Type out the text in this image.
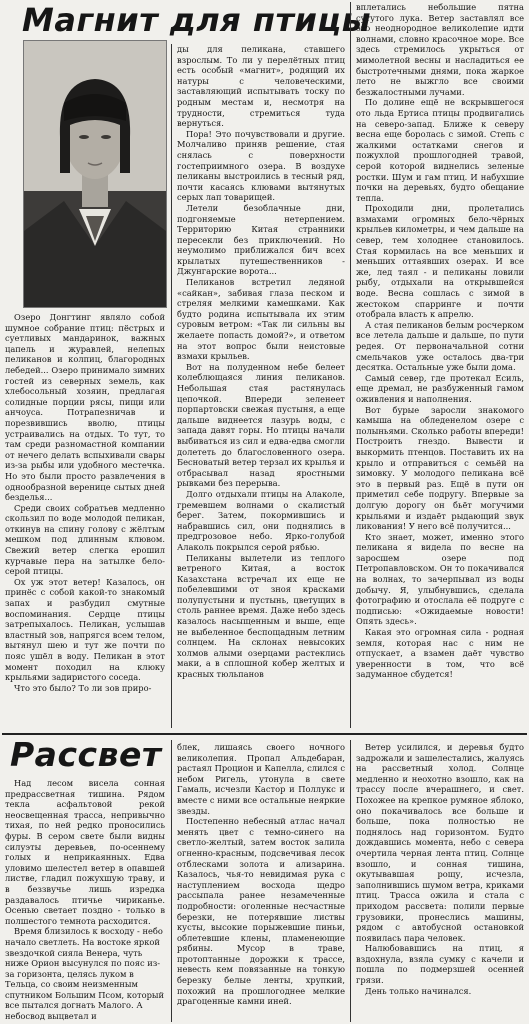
Магнит для птицы

Озеро Донгтинг являло собой шумное собрание птиц: пёстрых и суетливых мандаринок, важных цапель и журавлей, нелепых пеликанов и колпиц, благородных лебедей... Озеро принимало зимних гостей из северных земель, как хлебосольный хозяин, предлагая солидные порции рясы, пищи или анчоуса. Потрапезничав и порезвившись вволю, птицы устраивались на отдых. То тут, то там среди разномастной компании от нечего делать вспыхивали свары из-за рыбы или удобного местечка. Но это были просто развлечения в однообразной веренице сытых дней безделья...

Среди своих собратьев медленно скользил по воде молодой пеликан, откинув на спину голову с жёлтым мешком под длинным клювом. Свежий ветер слегка ерошил курчавые пера на затылке бело-серой птицы.

Ох уж этот ветер! Казалось, он принёс с собой какой-то знакомый запах и разбудил смутные воспоминания. Сердце птицы затрепыхалось. Пеликан, услышав властный зов, напрягся всем телом, вытянул шею и тут же почти по пояс ушёл в воду. Пеликан в этот момент походил на клюку крыльями задиристого соседа.

Что это было? То ли зов приро-

ды для пеликана, ставшего взрослым. То ли у перелётных птиц есть особый «магнит», родящий их натуры с человеческими, заставляющий испытывать тоску по родным местам и, несмотря на трудности, стремиться туда вернуться.

Пора! Это почувствовали и другие. Молчаливо приняв решение, стая снялась с поверхности гостеприимного озера. В воздухе пеликаны выстроились в тесный ряд, почти касаясь клювами вытянутых серых лап товарищей.

Летели безоблачные дни, подгоняемые нетерпением. Территорию Китая странники пересекли без приключений. Но неумолимо приближался бич всех крылатых путешественников - Джунгарские ворота...

Пеликанов встретил ледяной «сайкан», забивая глаза песком и стреляя мелкими камешками. Как будто родина испытывала их этим суровым ветром: «Так ли сильны вы желаете попасть домой?», и ответом на этот вопрос были неистовые взмахи крыльев.

Вот на полуденном небе белеет колеблющаяся линия пеликанов. Небольшая стая растянулась цепочкой. Впереди зеленеет порпартовски свежая пустыня, а еще дальше виднеется лазурь воды, с запада давят горы. Но птицы начали выбиваться из сил и едва-едва смогли долететь до благословенного озера. Бесноватый ветер терзал их крылья и отбрасывал назад яростными рывками без перерыва.

Долго отдыхали птицы на Алаколе, гремевшем волнами о скалистый берег. Затем, покормившись и набравшись сил, они поднялись в предгрозовое небо. Ярко-голубой Алаколь покрылся серой рябью.

Пеликаны вылетели из теплого ветреного Китая, а восток Казахстана встречал их еще не побелевшими от зноя красками полупустыни и пустынь, цветущих в столь раннее время. Даже небо здесь казалось насыщенным и выше, еще не выбеленное беспощадным летним солнцем. На склонах невысоких холмов алыми озерцами растеклись маки, а в сплошной кобер желтых и красных тюльпанов

вплетались небольшие пятна сутутого лука. Ветер заставлял все это неоднородное великолепие идти волнами, словно красочное море. Все здесь стремилось укрыться от мимолетной весны и насладиться ее быстротечными днями, пока жаркое лето не выжгло все своими безжалостными лучами.

По долине ещё не вскрывшегося ото льда Ертиса птицы продвигались на северо-запад. Ближе к северу весна еще боролась с зимой. Степь с жалкими остатками снегов и пожухлой прошлогодней травой, серой которой виднелись зеленые ростки. Шум и гам птиц. И набухшие почки на деревьях, будто обещание тепла.

Проходили дни, пролетались взмахами огромных бело-чёрных крыльев километры, и чем дальше на север, тем холоднее становилось. Стая кормилась на все меньших и меньших оттаявших озерах. И все же, лед таял - и пеликаны ловили рыбу, отдыхали на открывшейся воде. Весна сошлась с зимой в жестоком спарринге и почти отобрала власть к апрелю.

А стая пеликанов белым росчерком все летела дальше и дальше, по пути редея. От первоначальной сотни смельчаков уже осталось два-три десятка. Остальные уже были дома.

Самый север, где протекал Есиль, еще дремал, не разбуженный гамом оживления и наполнения.

Вот бурые заросли знакомого камыша на обледенелом озере с полыньями. Сколько работы впереди! Построить гнездо. Вывести и выкормить птенцов. Поставить их на крыло и отправиться с семьёй на зимовку. У молодого пеликана всё это в первый раз. Ещё в пути он приметил себе подругу. Впервые за долгую дорогу он бьёт могучими крыльями и издаёт рыдающий звук ликования! У него всё получится...

Кто знает, может, именно этого пеликана я видела по весне на заросшем озере под Петропавловском. Он то покачивался на волнах, то зачерпывал из воды добычу. Я, улыбнувшись, сделала фотографию и отослала её подруге с подписью: «Ожидаемые новости! Опять здесь».

Какая это огромная сила - родная земля, которая нас с ним не отпускает, а взамен даёт чувство уверенности в том, что всё задуманное сбудется!

Рассвет

Над лесом висела сонная предрассветная тишина. Рядом текла асфальтовой рекой неосвещенная трасса, непривычно тихая, по ней редко проносились фуры. В сером свете были видны силуэты деревьев, по-осеннему голых и неприкаянных. Едва уловимо шелестел ветер в опавшей листве, гладил пожухшую траву, и в беззвучье лишь изредка раздавалось птичье чириканье. Осенью светает поздно - только в полшестого темнота расходится.

Время близилось к восходу - небо начало светлеть. На востоке яркой звездочкой сияла Венера, чуть ниже Орион высунулся по пояс из-за горизонта, целясь луком в Тельца, со своим неизменным спутником Большим Псом, который все пытался догнать Малого. А небосвод выцветал и

блек, лишаясь своего ночного великолепия. Пропал Альдебаран, растаял Процион и Капелла, слился с небом Ригель, утонула в свете Гамаль, исчезли Кастор и Поллукс и вместе с ними все остальные неяркие звезды.

Постепенно небесный атлас начал менять цвет с темно-синего на светло-желтый, затем восток залила огненно-красным, подсвечивая лесок отблесками золота и ализарина. Казалось, чья-то невидимая рука с наступлением восхода щедро рассыпала ранее незамеченные подробности: оголенные несчастные березки, не потерявшие листвы кусты, высокие порыжевшие пиньи, облетевшие клены, пламенеющие рябины. Мусор в траве, протоптанные дорожки к трассе, невесть кем повязанные на тонкую березку белые ленты, хрупкий, похожий на прошлогоднее мелкие драгоценные камни иней.

Ветер усилился, и деревья будто задрожали и зашелестались, жалуясь на рассветный холод. Солнце медленно и неохотно взошло, как на трассу после вчерашнего, и свет. Похожее на крепкое румяное яблоко, оно покачивалось все больше и больше, пока полностью не поднялось над горизонтом. Будто дождавшись момента, небо с севера очертила черная лента птиц. Солнце взошло, и сонная тишина, окутывавшая рощу, исчезла, заполнившись шумом ветра, криками птиц. Трасса ожила и стала с приходом рассвета: полили первые грузовики, пронеслись машины, рядом с автобусной остановкой появилась пара человек.

Налюбовавшись на птиц, я вздохнула, взяла сумку с качели и пошла по подмерзшей осенней грязи.

День только начинался.
